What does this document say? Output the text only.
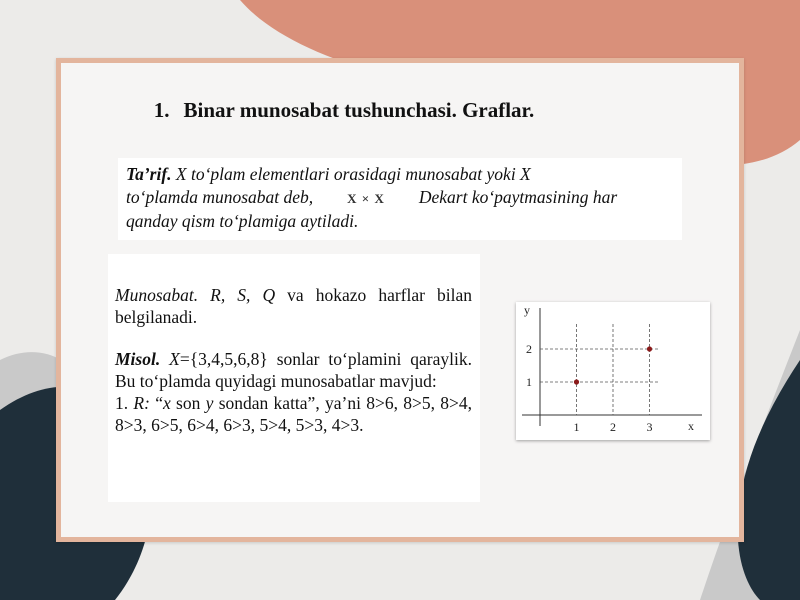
1. Binar munosabat tushunchasi. Graflar.
Ta’rif. X to‘plam elementlari orasidagi munosabat yoki X
to‘plamda munosabat deb,	X × X Dekart ko‘paytmasining har
qanday qism to‘plamiga aytiladi.

Munosabat. R, S, Q va hokazo harflar bilan belgilanadi.

Misol. X={3,4,5,6,8} sonlar to‘plamini qaraylik. Bu to‘plamda quyidagi munosabatlar mavjud:

1. R: “x son y sondan katta”, ya’ni 8>6, 8>5, 8>4, 8>3, 6>5, 6>4, 6>3, 5>4, 5>3, 4>3.

y
x
1	2	3
1
2
